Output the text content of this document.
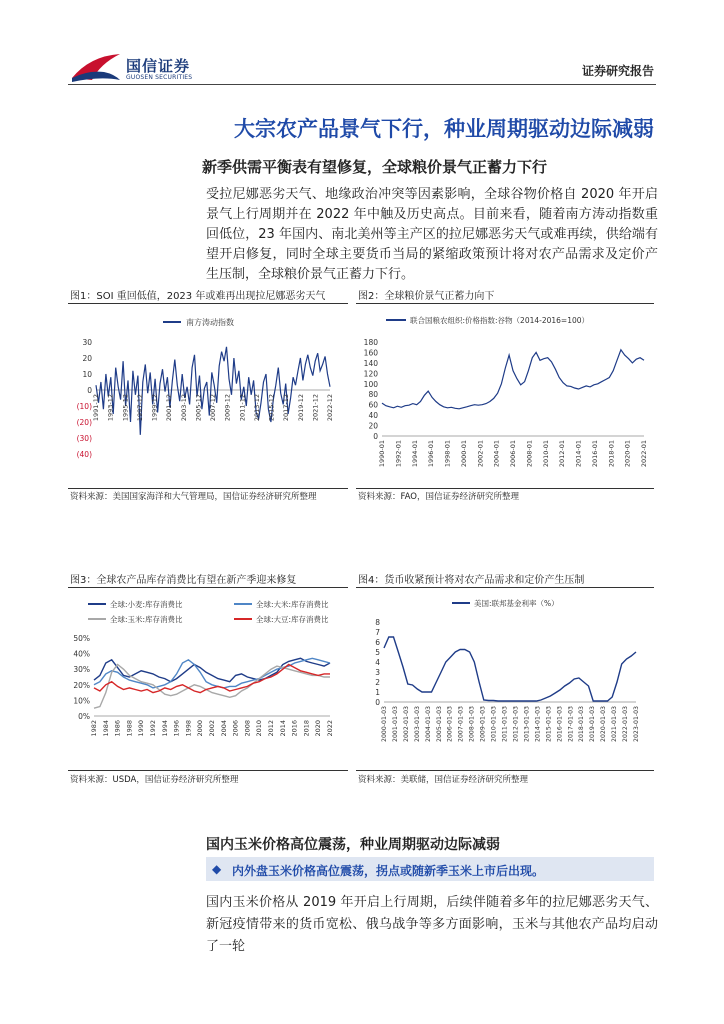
国信证券
GUOSEN SECURITIES	证券研究报告
大宗农产品景气下行，种业周期驱动边际减弱
新季供需平衡表有望修复，全球粮价景气正蓄力下行
受拉尼娜恶劣天气、地缘政治冲突等因素影响，全球谷物价格自 2020 年开启景气上行周期并在 2022 年中触及历史高点。目前来看，随着南方涛动指数重回低位，23 年国内、南北美州等主产区的拉尼娜恶劣天气或难再续，供给端有望开启修复，同时全球主要货币当局的紧缩政策预计将对农产品需求及定价产生压制，全球粮价景气正蓄力下行。
图1：SOI 重回低值，2023 年或难再出现拉尼娜恶劣天气
南方涛动指数
30
20
10
0
(10)
(20)
(30)
(40)
1991-12 1993-12 1995-12 1997-12 1999-12 2001-12 2003-12 2005-12 2007-12 2009-12 2011-12 2013-12 2015-12 2017-12 2019-12 2021-12 2022-12
资料来源：美国国家海洋和大气管理局，国信证券经济研究所整理
图2：全球粮价景气正蓄力向下
联合国粮农组织:价格指数:谷物（2014-2016=100）
180
160
140
120
100
80
60
40
20
0
1990-01 1992-01 1994-01 1996-01 1998-01 2000-01 2002-01 2004-01 2006-01 2008-01 2010-01 2012-01 2014-01 2016-01 2018-01 2020-01 2022-01
资料来源：FAO，国信证券经济研究所整理
图3：全球农产品库存消费比有望在新产季迎来修复
全球:小麦:库存消费比	全球:大米:库存消费比
全球:玉米:库存消费比	全球:大豆:库存消费比
50%
40%
30%
20%
10%
0%
1982 1984 1986 1988 1990 1992 1994 1996 1998 2000 2002 2004 2006 2008 2010 2012 2014 2016 2018 2020 2022
资料来源：USDA，国信证券经济研究所整理
图4：货币收紧预计将对农产品需求和定价产生压制
美国:联邦基金利率（%）
8
7
6
5
4
3
2
1
0
2000-01-03 2001-01-03 2002-01-03 2003-01-03 2004-01-03 2005-01-03 2006-01-03 2007-01-03 2008-01-03 2009-01-03 2010-01-03 2011-01-03 2012-01-03 2013-01-03 2014-01-03 2015-01-03 2016-01-03 2017-01-03 2018-01-03 2019-01-03 2020-01-03 2021-01-03 2022-01-03 2023-01-03
资料来源：美联储，国信证券经济研究所整理
国内玉米价格高位震荡，种业周期驱动边际减弱
◆ 内外盘玉米价格高位震荡，拐点或随新季玉米上市后出现。
国内玉米价格从 2019 年开启上行周期，后续伴随着多年的拉尼娜恶劣天气、新冠疫情带来的货币宽松、俄乌战争等多方面影响，玉米与其他农产品均启动了一轮
